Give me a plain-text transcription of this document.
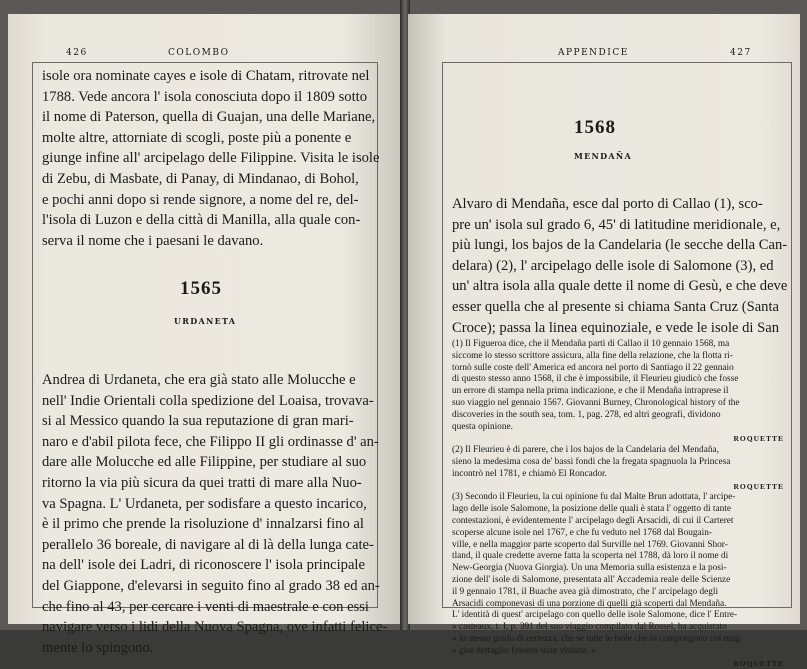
426	COLOMBO
isole ora nominate cayes e isole di Chatam, ritrovate nel
1788. Vede ancora l' isola conosciuta dopo il 1809 sotto
il nome di Paterson, quella di Guajan, una delle Mariane,
molte altre, attorniate di scogli, poste più a ponente e
giunge infine all' arcipelago delle Filippine. Visita le isole
di Zebu, di Masbate, di Panay, di Mindanao, di Bohol,
e pochi anni dopo si rende signore, a nome del re, del-
l'isola di Luzon e della città di Manilla, alla quale con-
serva il nome che i paesani le davano.
1565
URDANETA
Andrea di Urdaneta, che era già stato alle Molucche e
nell' Indie Orientali colla spedizione del Loaisa, trovava-
si al Messico quando la sua reputazione di gran mari-
naro e d'abil pilota fece, che Filippo II gli ordinasse d' an-
dare alle Molucche ed alle Filippine, per studiare al suo
ritorno la via più sicura da quei tratti di mare alla Nuo-
va Spagna. L' Urdaneta, per sodisfare a questo incarico,
è il primo che prende la risoluzione d' innalzarsi fino al
perallelo 36 boreale, di navigare al di là della lunga cate-
na dell' isole dei Ladri, di riconoscere l' isola principale
del Giappone, d'elevarsi in seguito fino al grado 38 ed an-
che fino al 43, per cercare i venti di maestrale e con essi
navigare verso i lidi della Nuova Spagna, ove infatti felice-
mente lo spingono.
APPENDICE	427
1568
MENDAÑA
Alvaro di Mendaña, esce dal porto di Callao (1), sco-
pre un' isola sul grado 6, 45' di latitudine meridionale, e,
più lungi, los bajos de la Candelaria (le secche della Can-
delara) (2), l' arcipelago delle isole di Salomone (3), ed
un' altra isola alla quale dette il nome di Gesù, e che deve
esser quella che al presente si chiama Santa Cruz (Santa
Croce); passa la linea equinoziale, e vede le isole di San
(1) Il Figueroa dice, che il Mendaña partì di Callao il 10 gennaio 1568, ma
siccome lo stesso scrittore assicura, alla fine della relazione, che la flotta ri-
tornò sulle coste dell' America ed ancora nel porto di Santiago il 22 gennaio
di questo stesso anno 1568, il che è impossibile, il Fleurieu giudicò che fosse
un errore di stampa nella prima indicazione, e che il Mendaña intraprese il
suo viaggio nel gennaio 1567. Giovanni Burney, Chronological history of the
discoveries in the south sea, tom. 1, pag. 278, ed altri geografi, dividono
questa opinione.
ROQUETTE
(2) Il Fleurieu è di parere, che i los bajos de la Candelaria del Mendaña,
sieno la medesima cosa de' bassi fondi che la fregata spagnuola la Princesa
incontrò nel 1781, e chiamò El Roncador.
ROQUETTE
(3) Secondo il Fleurieu, la cui opinione fu dal Malte Brun adottata, l' arcipe-
lago delle isole Salomone, la posizione delle quali è stata l' oggetto di tante
contestazioni, è evidentemente l' arcipelago degli Arsacidi, di cui il Carteret
scoperse alcune isole nel 1767, e che fu veduto nel 1768 dal Bougain-
ville, e nella maggior parte scoperto dal Surville nel 1769. Giovanni Shor-
tland, il quale credette averne fatta la scoperta nel 1788, dà loro il nome di
New-Georgia (Nuova Giorgia). Un una Memoria sulla esistenza e la posi-
zione dell' isole di Salomone, presentata all' Accademia reale delle Scienze
il 9 gennaio 1781, il Buache avea già dimostrato, che l' arcipelago degli
Arsacidi componevasi di una porzione di quelli già scoperti dal Mendaña.
L' identità di quest' arcipelago con quello delle isole Salomone, dice l' Entre-
» casteaux, t. I, p. 391 del suo viaggio compilato dal Rossel, ha acquistato
» lo stesso grado di certezza, che se tutte le isole che lo compongono col mag-
» gior dettaglio fossero state visitate. »
ROQUETTE
